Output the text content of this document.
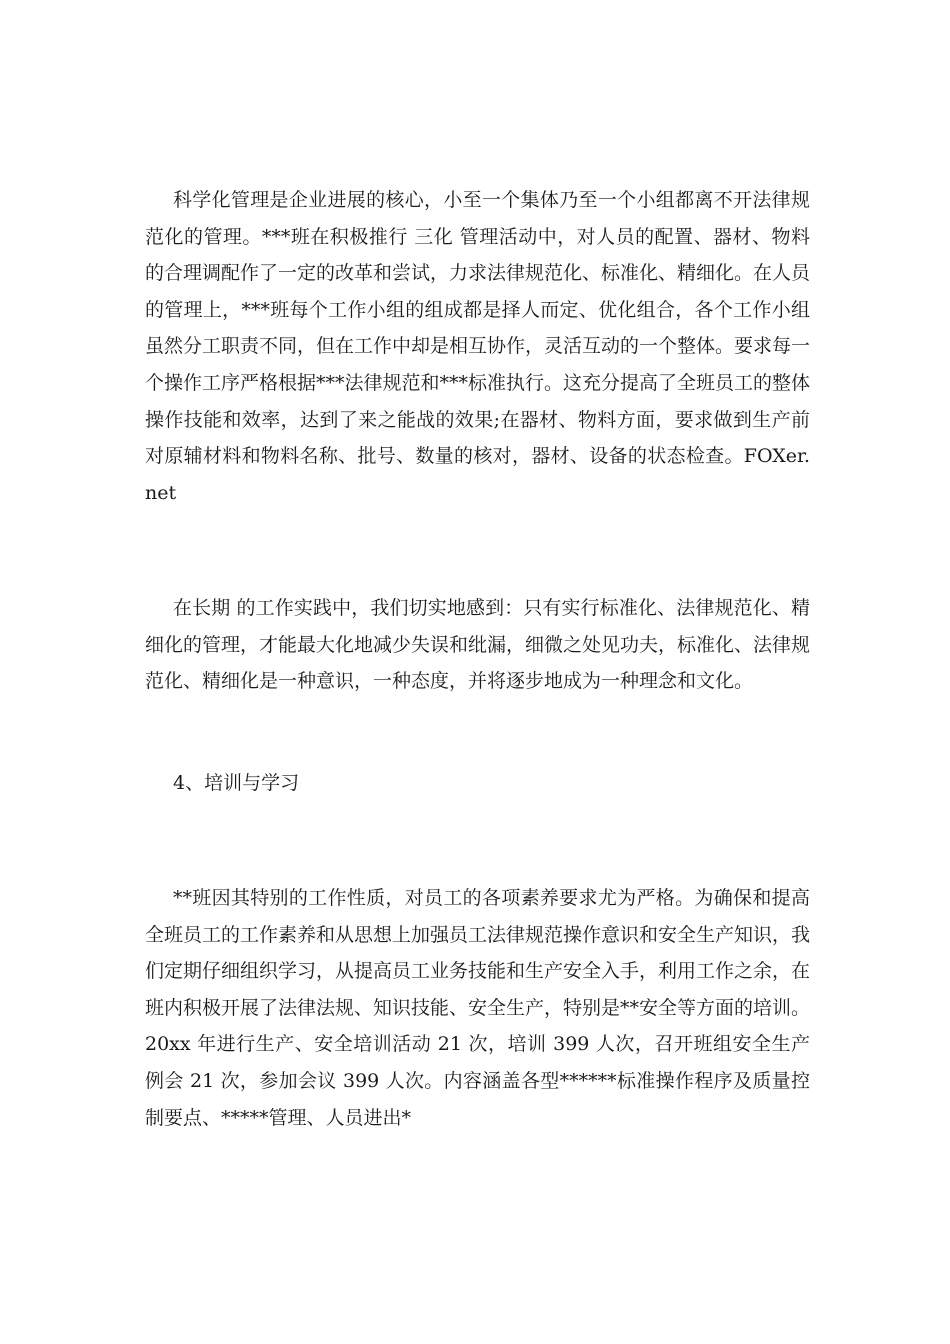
科学化管理是企业进展的核心，小至一个集体乃至一个小组都离不开法律规范化的管理。***班在积极推行 三化 管理活动中，对人员的配置、器材、物料的合理调配作了一定的改革和尝试，力求法律规范化、标准化、精细化。在人员的管理上，***班每个工作小组的组成都是择人而定、优化组合，各个工作小组虽然分工职责不同，但在工作中却是相互协作，灵活互动的一个整体。要求每一个操作工序严格根据***法律规范和***标准执行。这充分提高了全班员工的整体操作技能和效率，达到了来之能战的效果;在器材、物料方面，要求做到生产前对原辅材料和物料名称、批号、数量的核对，器材、设备的状态检查。FOXer.net

在长期 的工作实践中，我们切实地感到：只有实行标准化、法律规范化、精细化的管理，才能最大化地减少失误和纰漏，细微之处见功夫，标准化、法律规范化、精细化是一种意识，一种态度，并将逐步地成为一种理念和文化。

4、培训与学习

**班因其特别的工作性质，对员工的各项素养要求尤为严格。为确保和提高全班员工的工作素养和从思想上加强员工法律规范操作意识和安全生产知识，我们定期仔细组织学习，从提高员工业务技能和生产安全入手，利用工作之余，在班内积极开展了法律法规、知识技能、安全生产，特别是**安全等方面的培训。20xx 年进行生产、安全培训活动 21 次，培训 399 人次，召开班组安全生产例会 21 次，参加会议 399 人次。内容涵盖各型******标准操作程序及质量控制要点、*****管理、人员进出*
